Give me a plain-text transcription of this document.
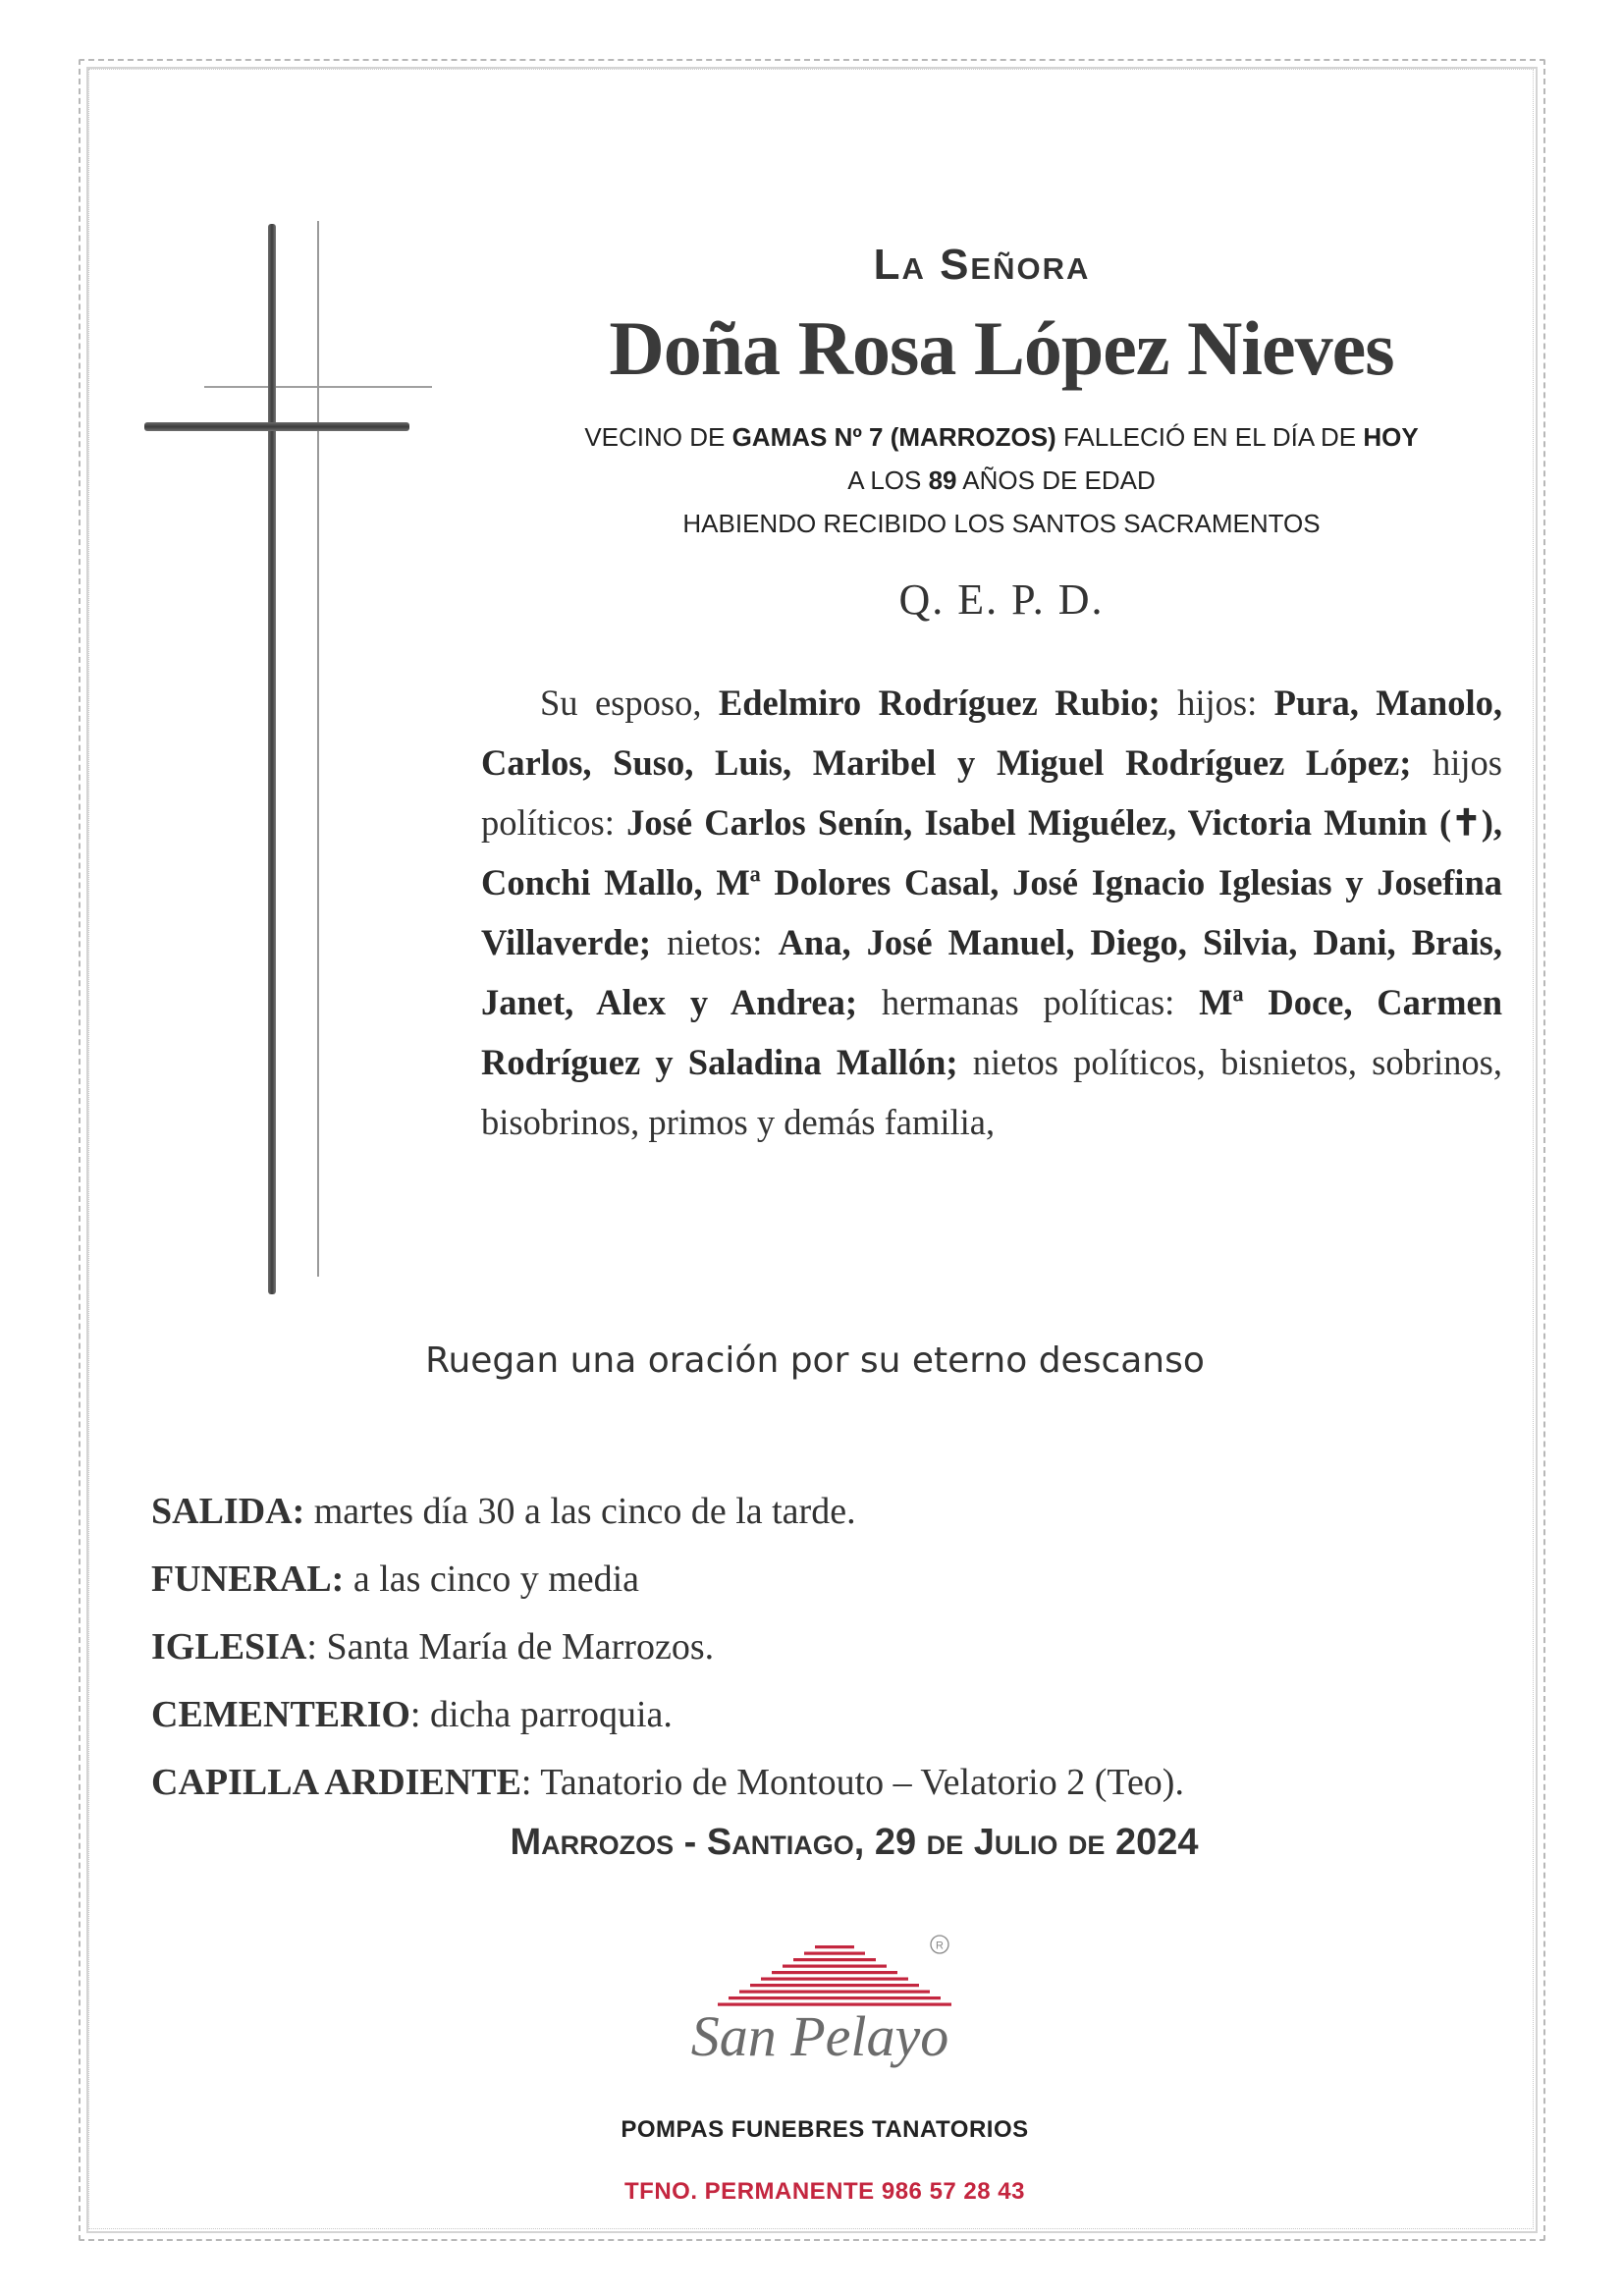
La Señora
Doña Rosa López Nieves
VECINO DE GAMAS Nº 7 (MARROZOS) FALLECIÓ EN EL DÍA DE HOY
A LOS 89 AÑOS DE EDAD
HABIENDO RECIBIDO LOS SANTOS SACRAMENTOS
Q. E. P. D.
Su esposo, Edelmiro Rodríguez Rubio; hijos: Pura, Manolo, Carlos, Suso, Luis, Maribel y Miguel Rodríguez López; hijos políticos: José Carlos Senín, Isabel Miguélez, Victoria Munin (✝), Conchi Mallo, Mª Dolores Casal, José Ignacio Iglesias y Josefina Villaverde; nietos: Ana, José Manuel, Diego, Silvia, Dani, Brais, Janet, Alex y Andrea; hermanas políticas: Mª Doce, Carmen Rodríguez y Saladina Mallón; nietos políticos, bisnietos, sobrinos, bisobrinos, primos y demás familia,
Ruegan una oración por su eterno descanso
SALIDA: martes día 30 a las cinco de la tarde.
FUNERAL: a las cinco y media
IGLESIA: Santa María de Marrozos.
CEMENTERIO: dicha parroquia.
CAPILLA ARDIENTE: Tanatorio de Montouto – Velatorio 2 (Teo).
Marrozos - Santiago, 29 de Julio de 2024
R
San Pelayo
POMPAS FUNEBRES TANATORIOS
TFNO. PERMANENTE 986 57 28 43
